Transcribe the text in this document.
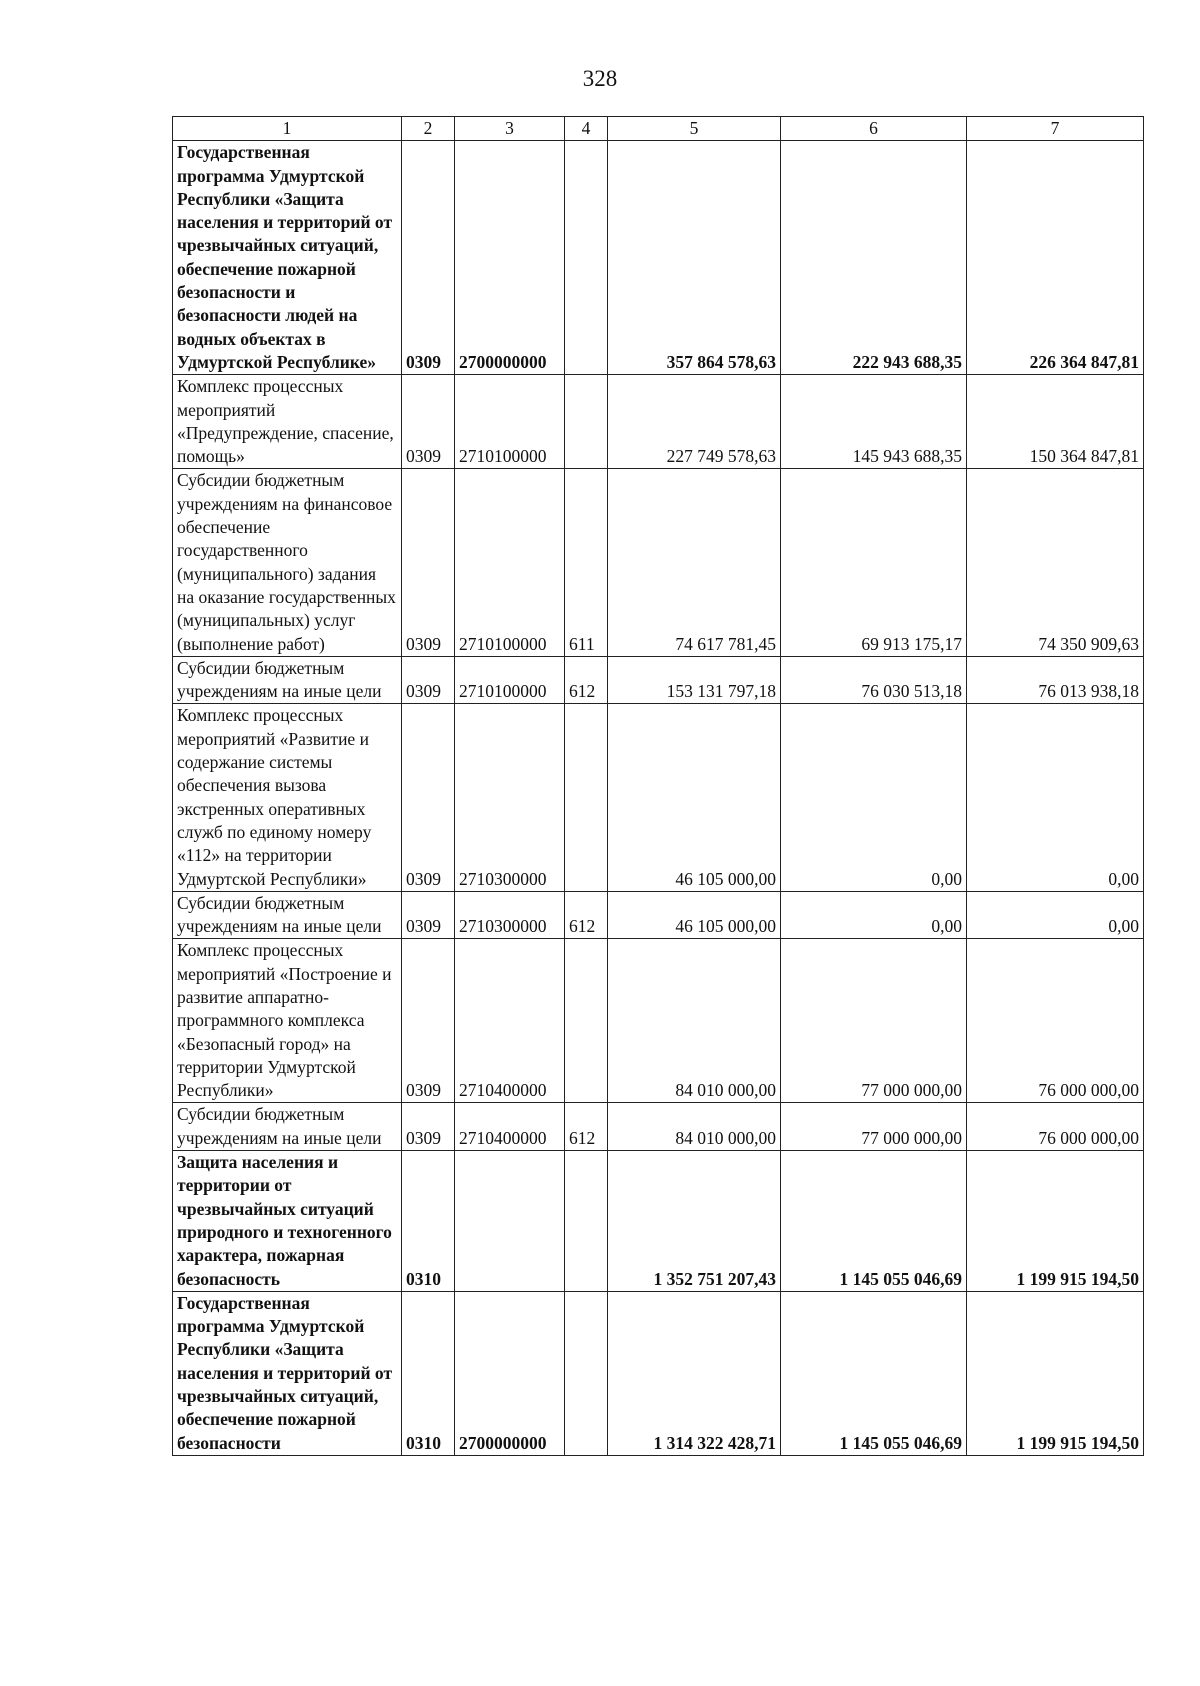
328
1	2	3	4	5	6	7
Государственная программа Удмуртской Республики «Защита населения и территорий от чрезвычайных ситуаций, обеспечение пожарной безопасности и безопасности людей на водных объектах в Удмуртской Республике»	0309	2700000000		357 864 578,63	222 943 688,35	226 364 847,81
Комплекс процессных мероприятий «Предупреждение, спасение, помощь»	0309	2710100000		227 749 578,63	145 943 688,35	150 364 847,81
Субсидии бюджетным учреждениям на финансовое обеспечение государственного (муниципального) задания на оказание государственных (муниципальных) услуг (выполнение работ)	0309	2710100000	611	74 617 781,45	69 913 175,17	74 350 909,63
Субсидии бюджетным учреждениям на иные цели	0309	2710100000	612	153 131 797,18	76 030 513,18	76 013 938,18
Комплекс процессных мероприятий «Развитие и содержание системы обеспечения вызова экстренных оперативных служб по единому номеру «112» на территории Удмуртской Республики»	0309	2710300000		46 105 000,00	0,00	0,00
Субсидии бюджетным учреждениям на иные цели	0309	2710300000	612	46 105 000,00	0,00	0,00
Комплекс процессных мероприятий «Построение и развитие аппаратно-программного комплекса «Безопасный город» на территории Удмуртской Республики»	0309	2710400000		84 010 000,00	77 000 000,00	76 000 000,00
Субсидии бюджетным учреждениям на иные цели	0309	2710400000	612	84 010 000,00	77 000 000,00	76 000 000,00
Защита населения и территории от чрезвычайных ситуаций природного и техногенного характера, пожарная безопасность	0310			1 352 751 207,43	1 145 055 046,69	1 199 915 194,50
Государственная программа Удмуртской Республики «Защита населения и территорий от чрезвычайных ситуаций, обеспечение пожарной безопасности	0310	2700000000		1 314 322 428,71	1 145 055 046,69	1 199 915 194,50
